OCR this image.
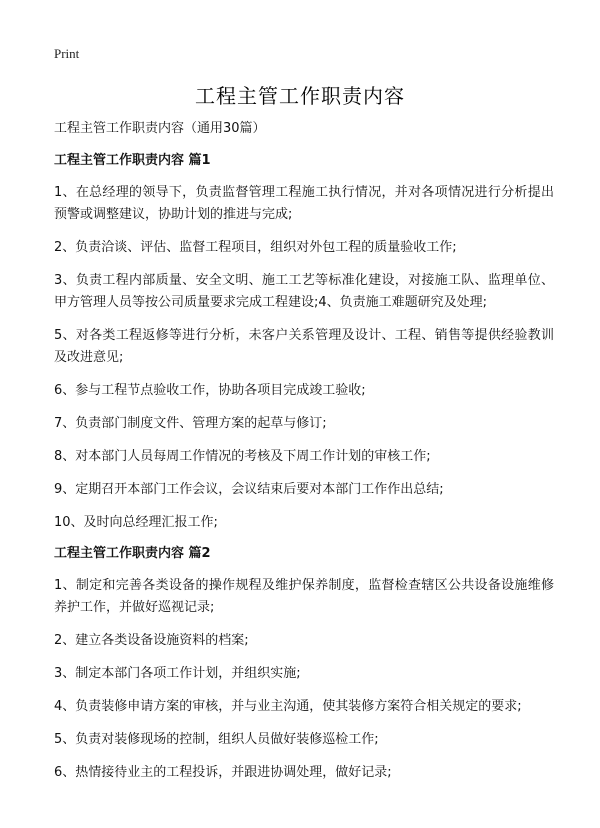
Print
工程主管工作职责内容

工程主管工作职责内容（通用30篇）

工程主管工作职责内容 篇1
1、在总经理的领导下，负责监督管理工程施工执行情况，并对各项情况进行分析提出预警或调整建议，协助计划的推进与完成;
2、负责洽谈、评估、监督工程项目，组织对外包工程的质量验收工作;
3、负责工程内部质量、安全文明、施工工艺等标准化建设，对接施工队、监理单位、甲方管理人员等按公司质量要求完成工程建设;4、负责施工难题研究及处理;
5、对各类工程返修等进行分析，未客户关系管理及设计、工程、销售等提供经验教训及改进意见;
6、参与工程节点验收工作，协助各项目完成竣工验收;
7、负责部门制度文件、管理方案的起草与修订;
8、对本部门人员每周工作情况的考核及下周工作计划的审核工作;
9、定期召开本部门工作会议，会议结束后要对本部门工作作出总结;
10、及时向总经理汇报工作;
工程主管工作职责内容 篇2
1、制定和完善各类设备的操作规程及维护保养制度，监督检查辖区公共设备设施维修养护工作，并做好巡视记录;
2、建立各类设备设施资料的档案;
3、制定本部门各项工作计划，并组织实施;
4、负责装修申请方案的审核，并与业主沟通，使其装修方案符合相关规定的要求;
5、负责对装修现场的控制，组织人员做好装修巡检工作;
6、热情接待业主的工程投诉，并跟进协调处理，做好记录;
